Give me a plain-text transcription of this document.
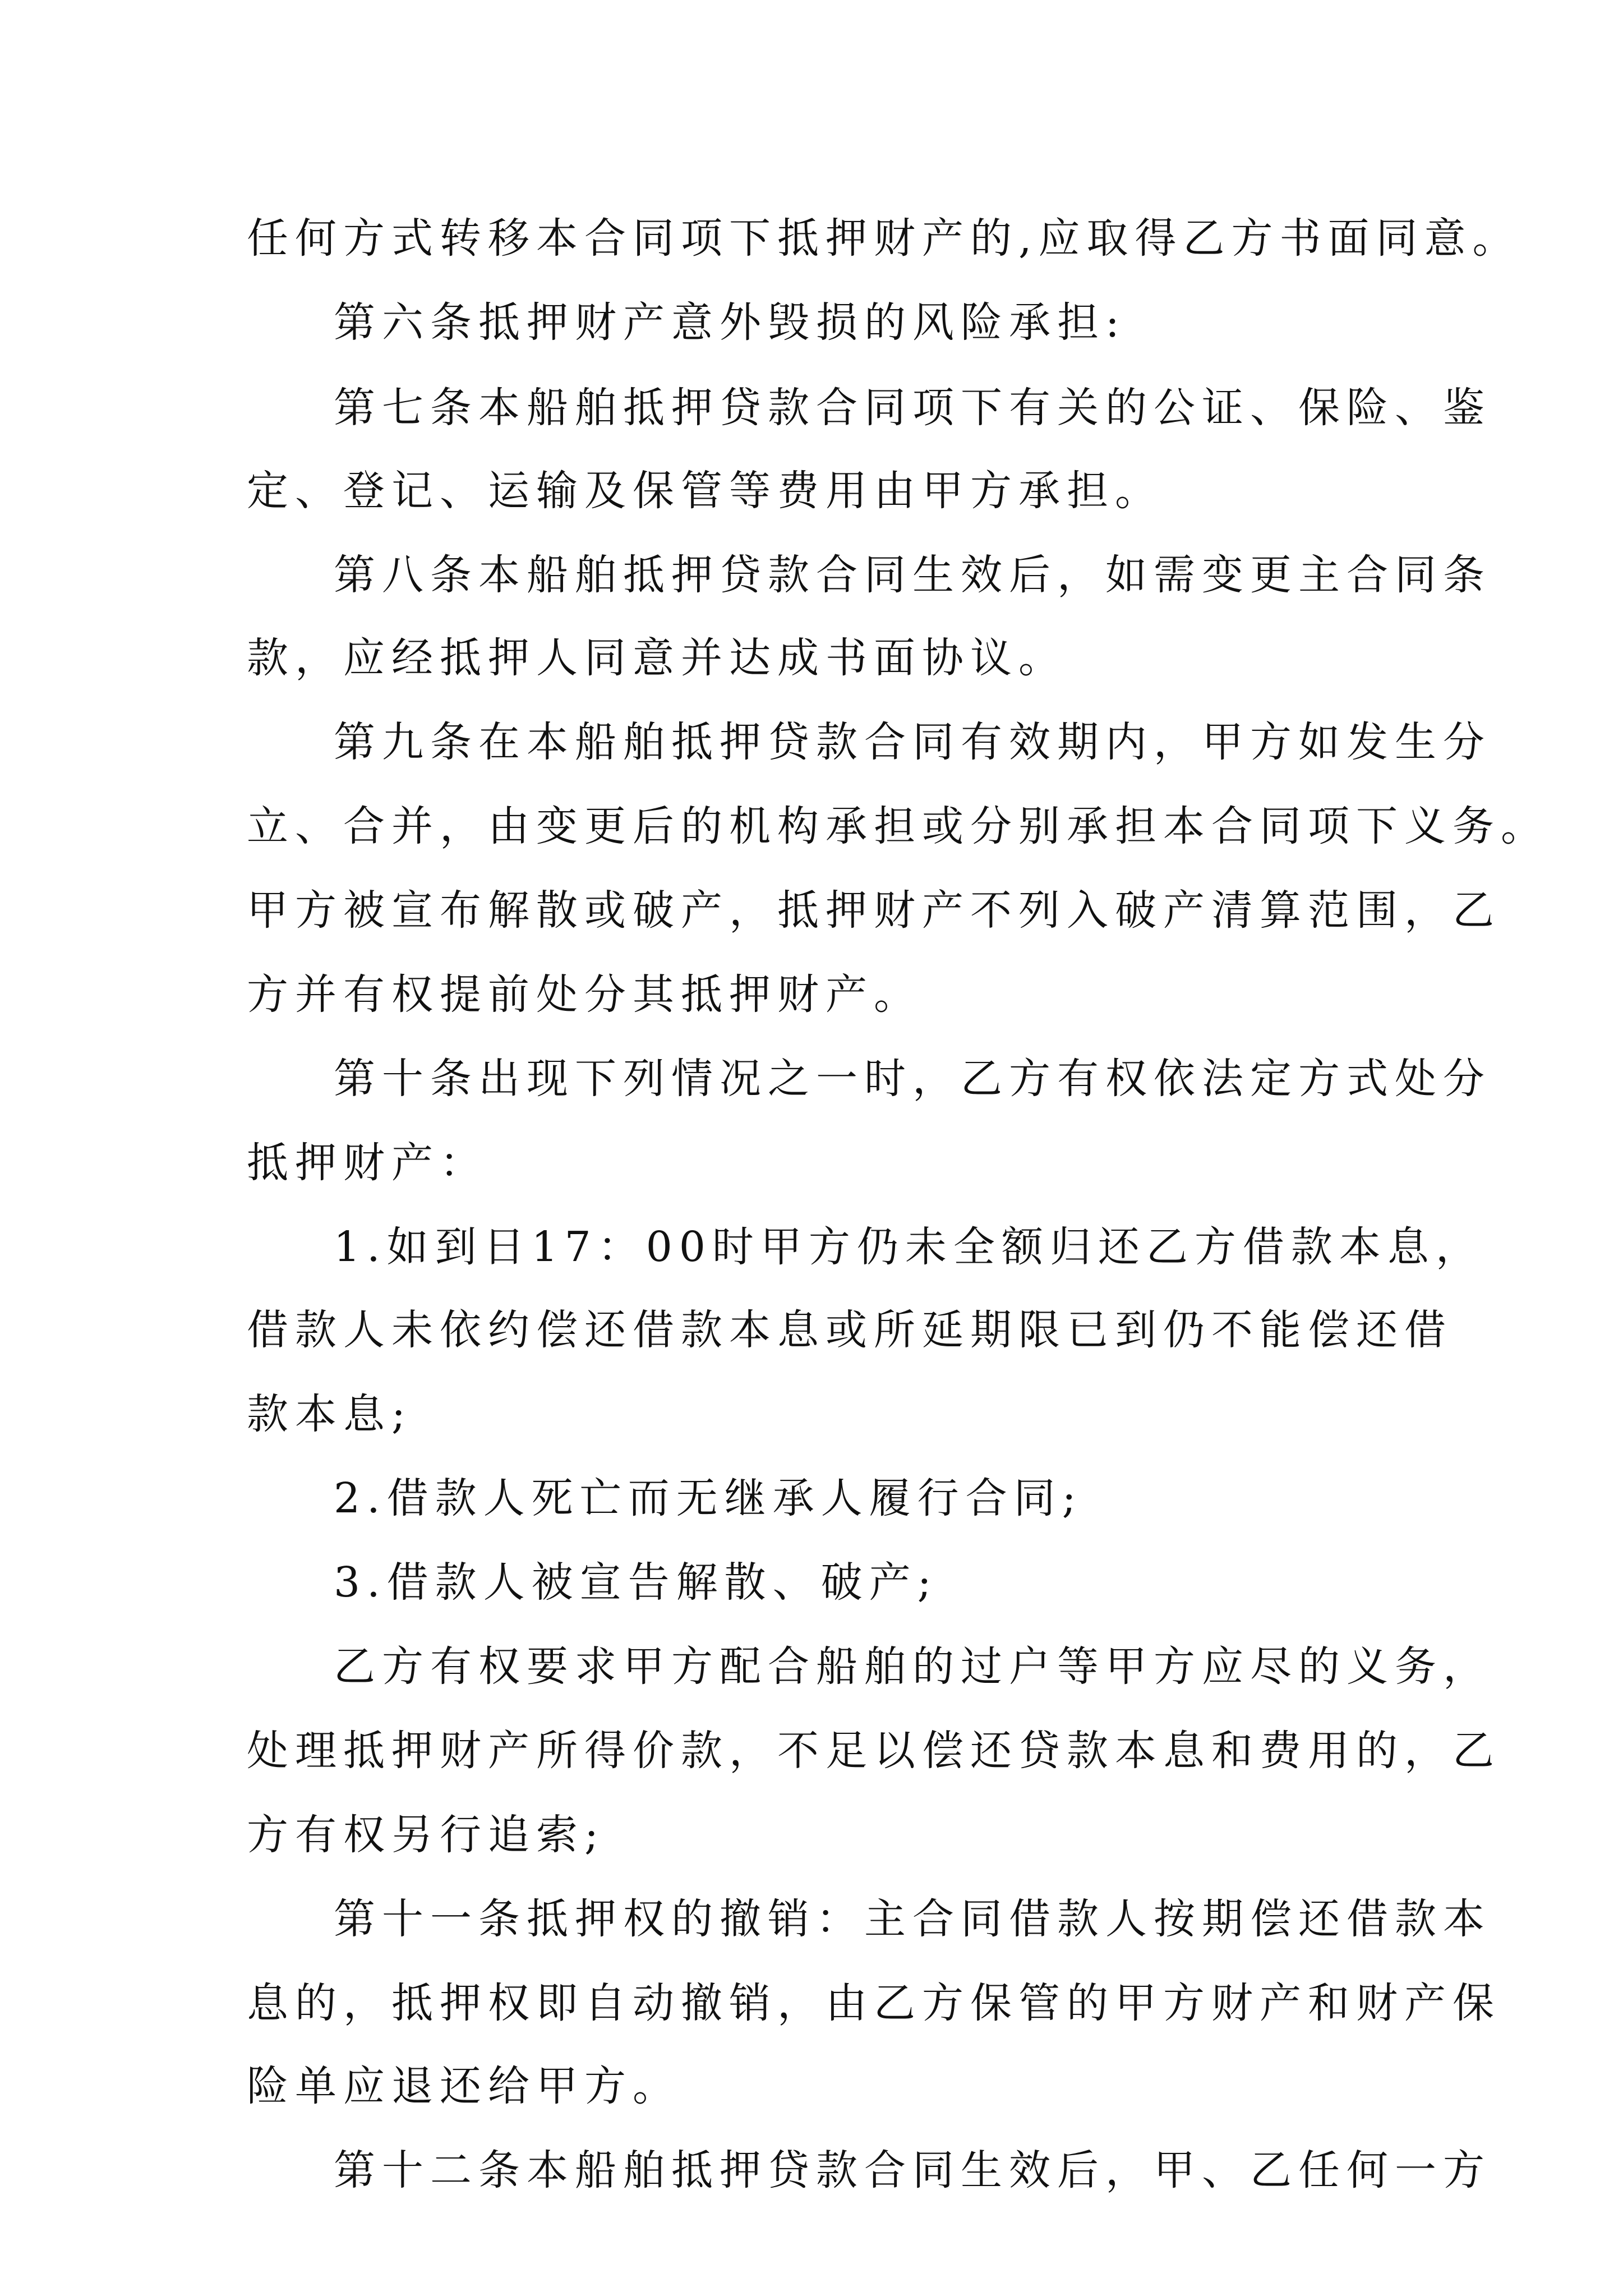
任何方式转移本合同项下抵押财产的,应取得乙方书面同意。
第六条抵押财产意外毁损的风险承担:
第七条本船舶抵押贷款合同项下有关的公证、保险、鉴
定、登记、运输及保管等费用由甲方承担。
第八条本船舶抵押贷款合同生效后，如需变更主合同条
款，应经抵押人同意并达成书面协议。
第九条在本船舶抵押贷款合同有效期内，甲方如发生分
立、合并，由变更后的机构承担或分别承担本合同项下义务。
甲方被宣布解散或破产，抵押财产不列入破产清算范围，乙
方并有权提前处分其抵押财产。
第十条出现下列情况之一时，乙方有权依法定方式处分
抵押财产：
1.如到日17：00时甲方仍未全额归还乙方借款本息，
借款人未依约偿还借款本息或所延期限已到仍不能偿还借
款本息;
2.借款人死亡而无继承人履行合同;
3.借款人被宣告解散、破产;
乙方有权要求甲方配合船舶的过户等甲方应尽的义务，
处理抵押财产所得价款，不足以偿还贷款本息和费用的，乙
方有权另行追索;
第十一条抵押权的撤销：主合同借款人按期偿还借款本
息的，抵押权即自动撤销，由乙方保管的甲方财产和财产保
险单应退还给甲方。
第十二条本船舶抵押贷款合同生效后，甲、乙任何一方
